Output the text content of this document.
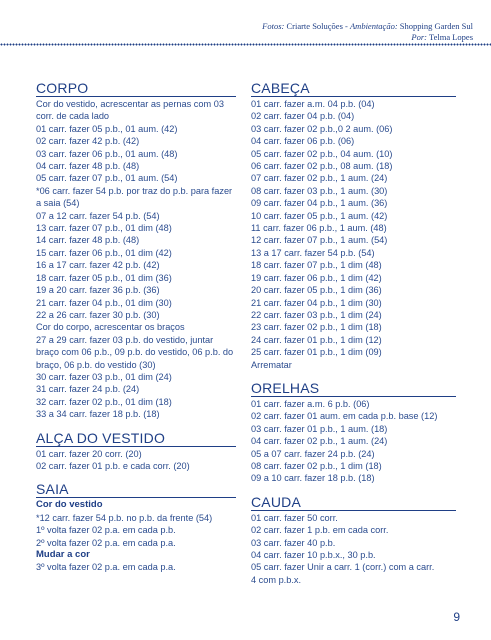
Fotos: Criarte Soluções - Ambientação: Shopping Garden Sul
Por: Telma Lopes
CORPO
Cor do vestido, acrescentar as pernas com 03
corr. de cada lado
01 carr. fazer 05 p.b., 01 aum. (42)
02 carr. fazer 42 p.b. (42)
03 carr. fazer 06 p.b., 01 aum. (48)
04 carr. fazer 48 p.b. (48)
05 carr. fazer 07 p.b., 01 aum. (54)
*06 carr. fazer 54 p.b. por traz do p.b. para fazer
a saia (54)
07 a 12 carr. fazer 54 p.b. (54)
13 carr. fazer 07 p.b., 01 dim (48)
14 carr. fazer 48 p.b. (48)
15 carr. fazer 06 p.b., 01 dim (42)
16 a 17 carr. fazer 42 p.b. (42)
18 carr. fazer 05 p.b., 01 dim (36)
19 a 20 carr. fazer 36 p.b. (36)
21 carr. fazer 04 p.b., 01 dim (30)
22 a 26 carr. fazer 30 p.b. (30)
Cor do corpo, acrescentar os braços
27 a 29 carr. fazer 03 p.b. do vestido, juntar
braço com 06 p.b., 09 p.b. do vestido, 06 p.b. do
braço, 06 p.b. do vestido (30)
30 carr. fazer 03 p.b., 01 dim (24)
31 carr. fazer 24 p.b. (24)
32 carr. fazer 02 p.b., 01 dim (18)
33 a 34 carr. fazer 18 p.b. (18)
ALÇA DO VESTIDO
01 carr. fazer 20 corr. (20)
02 carr. fazer 01 p.b. e cada corr. (20)
SAIA
Cor do vestido
*12 carr. fazer 54 p.b. no p.b. da frente (54)
1º volta fazer 02 p.a. em cada p.b.
2º volta fazer 02 p.a. em cada p.a.
Mudar a cor
3º volta fazer 02 p.a. em cada p.a.
CABEÇA
01 carr. fazer a.m. 04 p.b. (04)
02 carr. fazer 04 p.b. (04)
03 carr. fazer 02 p.b.,0 2 aum. (06)
04 carr. fazer 06 p.b. (06)
05 carr. fazer 02 p.b., 04 aum. (10)
06 carr. fazer 02 p.b., 08 aum. (18)
07 carr. fazer 02 p.b., 1 aum. (24)
08 carr. fazer 03 p.b., 1 aum. (30)
09 carr. fazer 04 p.b., 1 aum. (36)
10 carr. fazer 05 p.b., 1 aum. (42)
11 carr. fazer 06 p.b., 1 aum. (48)
12 carr. fazer 07 p.b., 1 aum. (54)
13 a 17 carr. fazer 54 p.b. (54)
18 carr. fazer 07 p.b., 1 dim (48)
19 carr. fazer 06 p.b., 1 dim (42)
20 carr. fazer 05 p.b., 1 dim (36)
21 carr. fazer 04 p.b., 1 dim (30)
22 carr. fazer 03 p.b., 1 dim (24)
23 carr. fazer 02 p.b., 1 dim (18)
24 carr. fazer 01 p.b., 1 dim (12)
25 carr. fazer 01 p.b., 1 dim (09)
Arrematar
ORELHAS
01 carr. fazer a.m. 6 p.b. (06)
02 carr. fazer 01 aum. em cada p.b. base (12)
03 carr. fazer 01 p.b., 1 aum. (18)
04 carr. fazer 02 p.b., 1 aum. (24)
05 a 07 carr. fazer 24 p.b. (24)
08 carr. fazer 02 p.b., 1 dim (18)
09 a 10 carr. fazer 18 p.b. (18)
CAUDA
01 carr. fazer 50 corr.
02 carr. fazer 1 p.b. em cada corr.
03 carr. fazer 40 p.b.
04 carr. fazer 10 p.b.x., 30 p.b.
05 carr. fazer Unir a carr. 1 (corr.) com a carr.
4 com p.b.x.
9
